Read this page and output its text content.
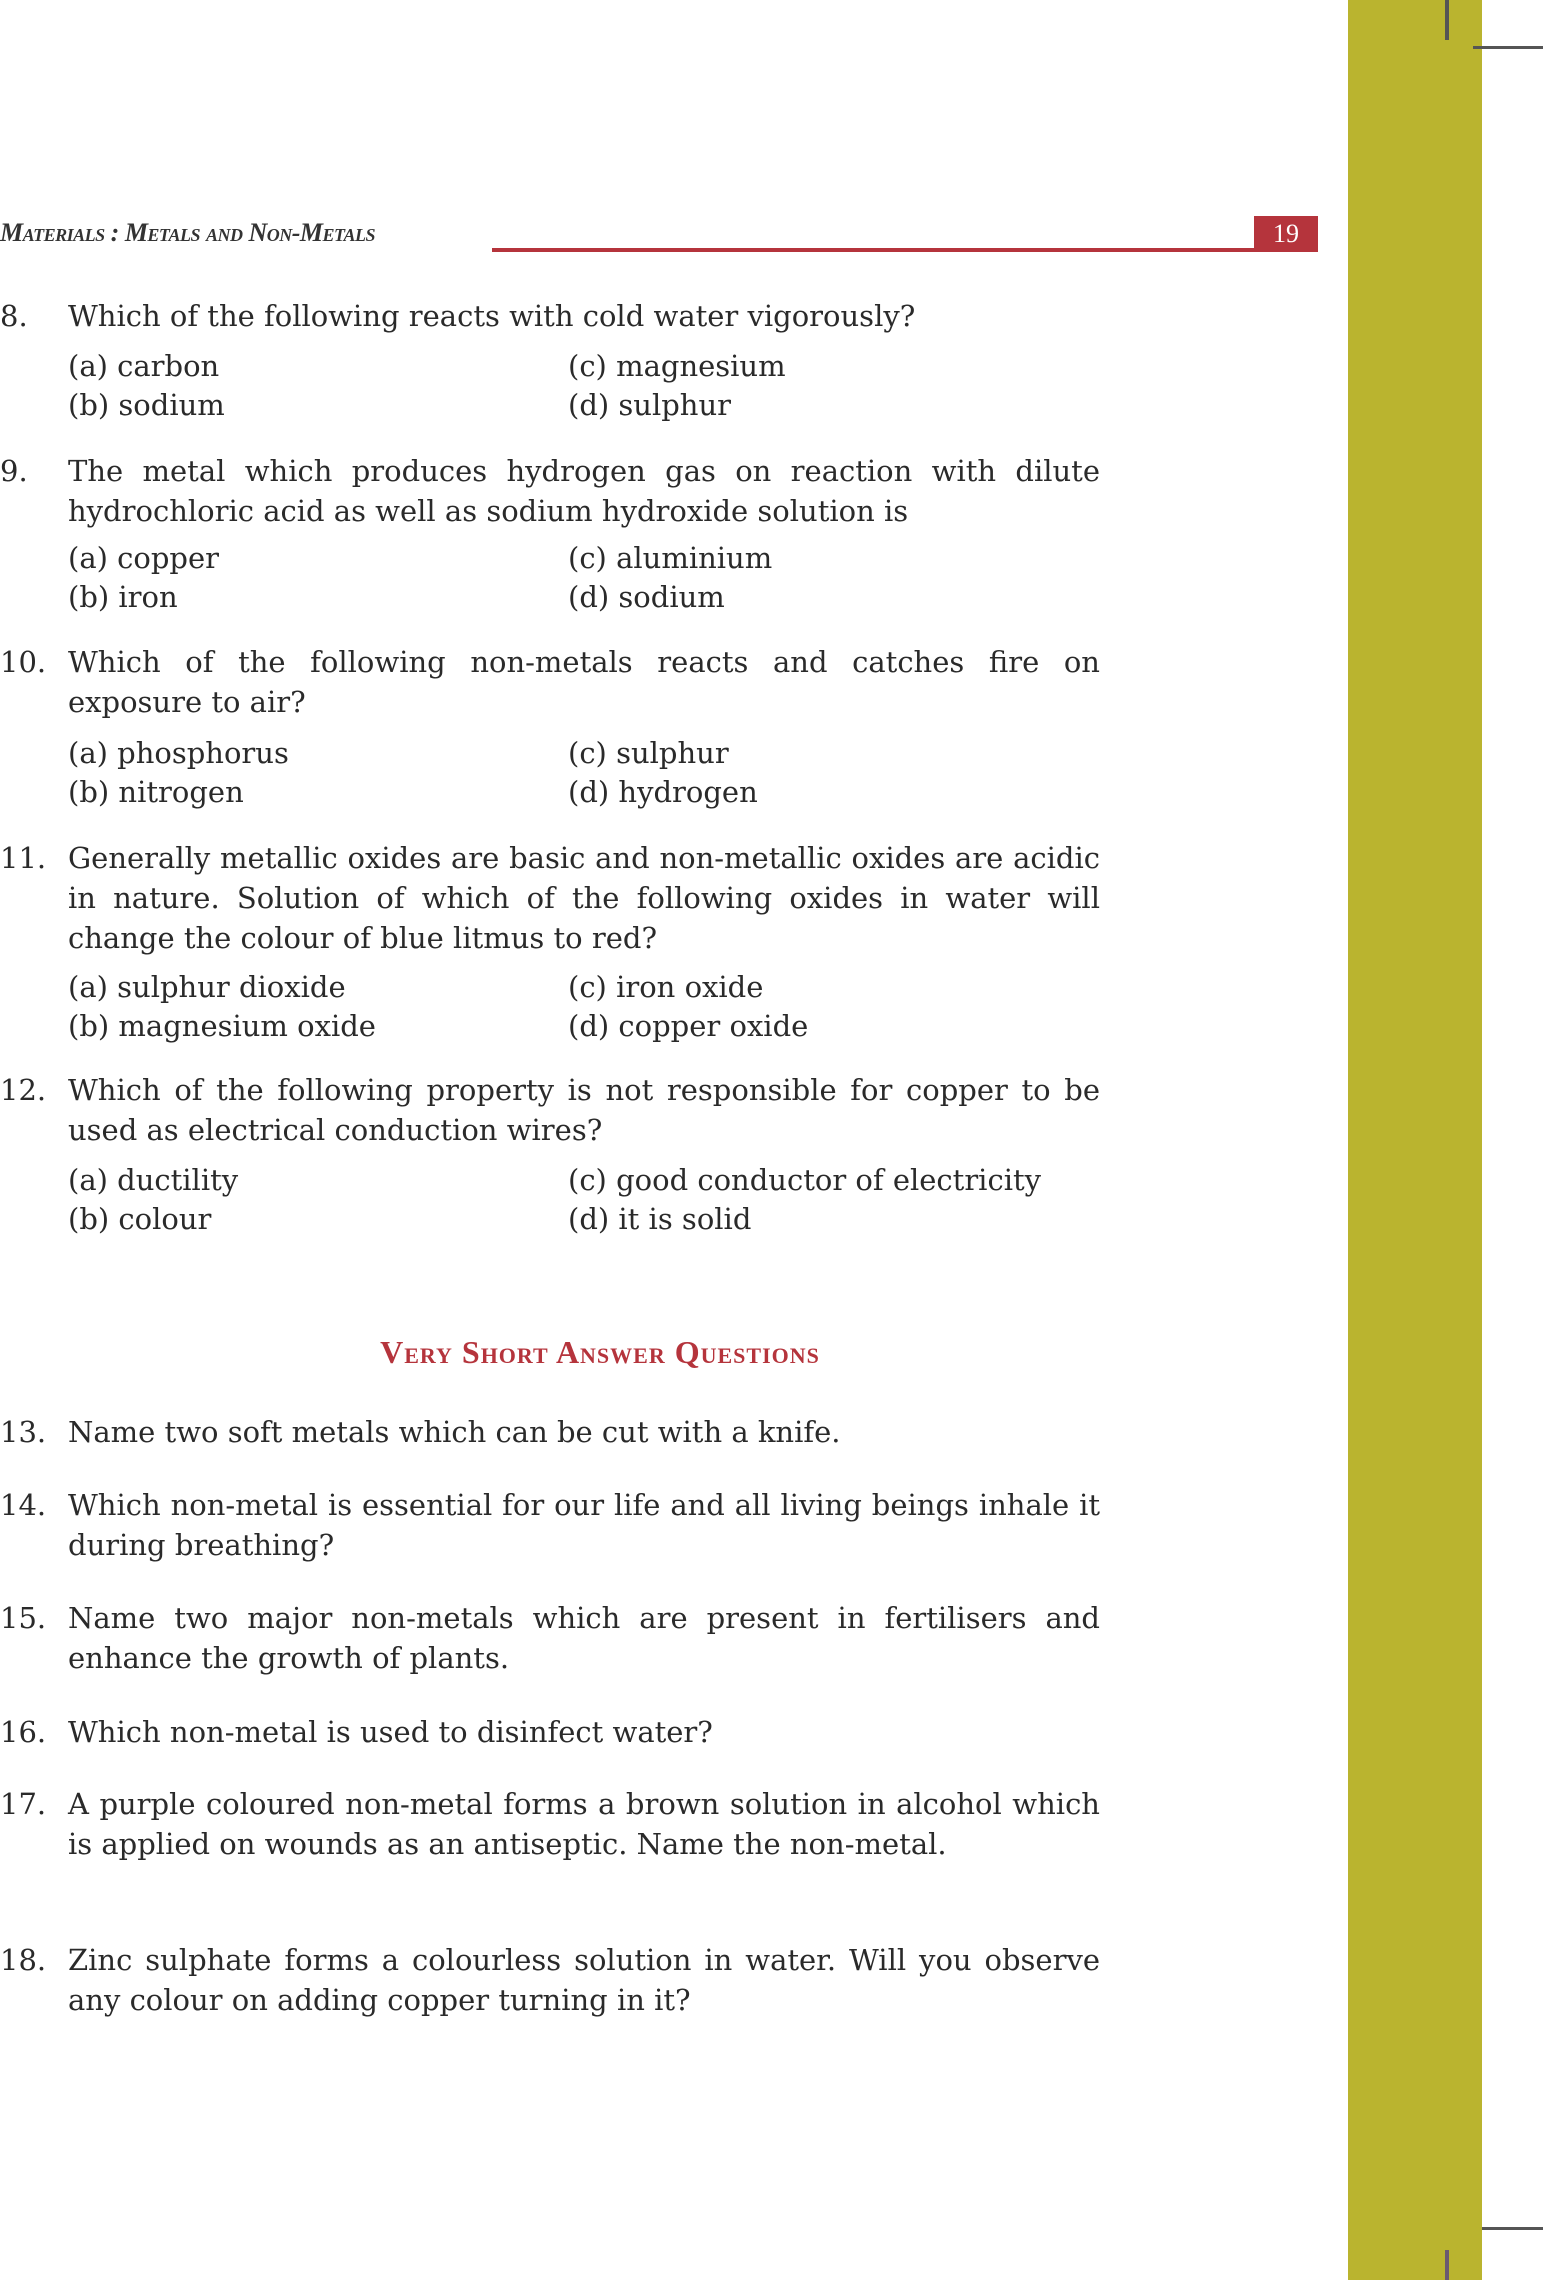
Materials : Metals and Non-Metals	19
8. Which of the following reacts with cold water vigorously?
(a) carbon
(b) sodium
(c) magnesium
(d) sulphur
9. The metal which produces hydrogen gas on reaction with dilute hydrochloric acid as well as sodium hydroxide solution is
(a) copper
(b) iron
(c) aluminium
(d) sodium
10. Which of the following non-metals reacts and catches fire on exposure to air?
(a) phosphorus
(b) nitrogen
(c) sulphur
(d) hydrogen
11. Generally metallic oxides are basic and non-metallic oxides are acidic in nature. Solution of which of the following oxides in water will change the colour of blue litmus to red?
(a) sulphur dioxide
(b) magnesium oxide
(c) iron oxide
(d) copper oxide
12. Which of the following property is not responsible for copper to be used as electrical conduction wires?
(a) ductility
(b) colour
(c) good conductor of electricity
(d) it is solid
Very Short Answer Questions
13. Name two soft metals which can be cut with a knife.
14. Which non-metal is essential for our life and all living beings inhale it during breathing?
15. Name two major non-metals which are present in fertilisers and enhance the growth of plants.
16. Which non-metal is used to disinfect water?
17. A purple coloured non-metal forms a brown solution in alcohol which is applied on wounds as an antiseptic. Name the non-metal.
18. Zinc sulphate forms a colourless solution in water. Will you observe any colour on adding copper turning in it?
